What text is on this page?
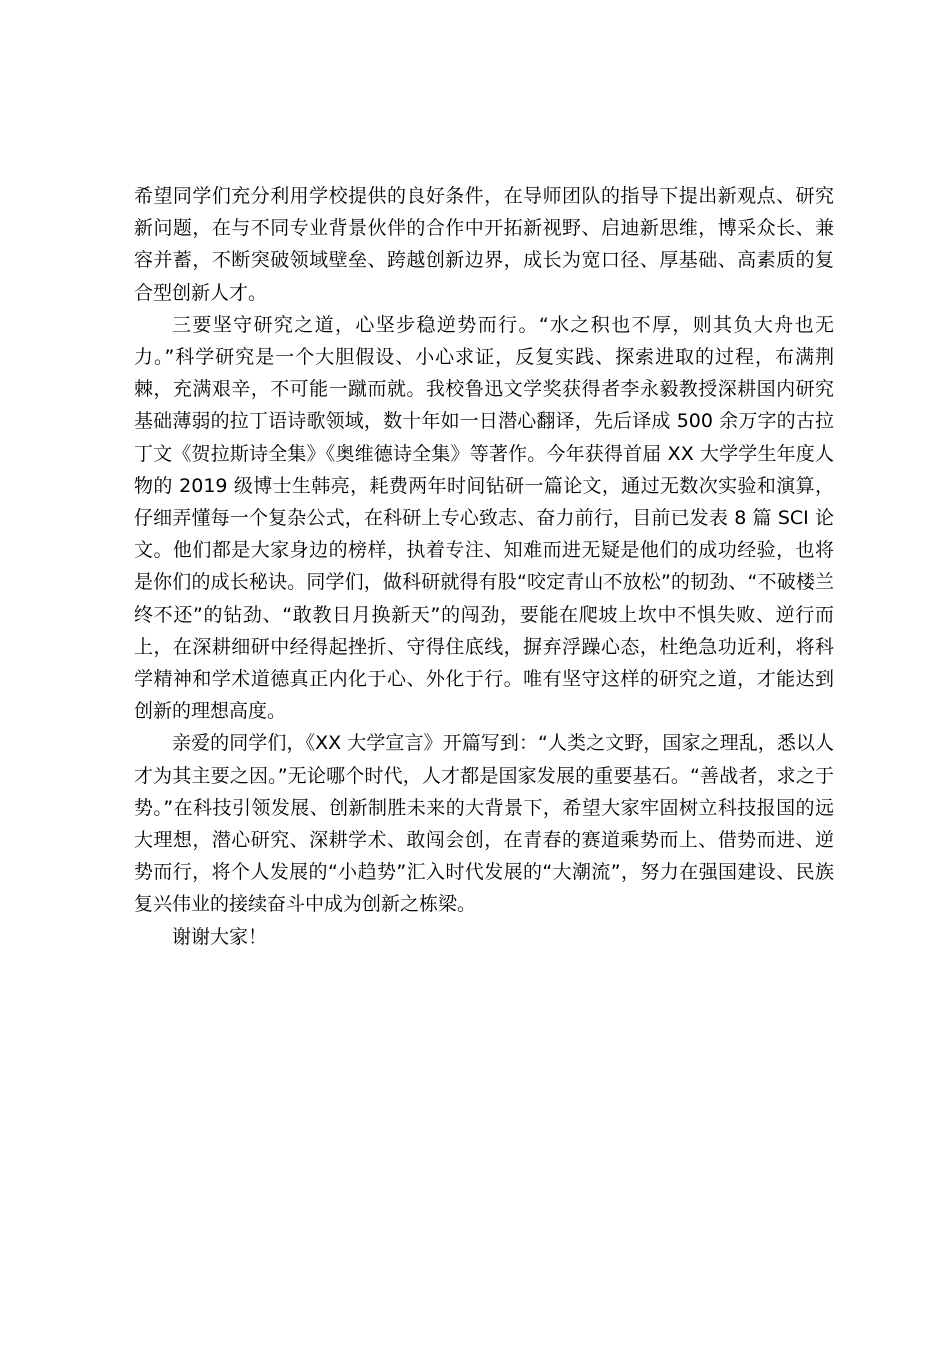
希望同学们充分利用学校提供的良好条件，在导师团队的指导下提出新观点、研究新问题，在与不同专业背景伙伴的合作中开拓新视野、启迪新思维，博采众长、兼容并蓄，不断突破领域壁垒、跨越创新边界，成长为宽口径、厚基础、高素质的复合型创新人才。

三要坚守研究之道，心坚步稳逆势而行。“水之积也不厚，则其负大舟也无力。”科学研究是一个大胆假设、小心求证，反复实践、探索进取的过程，布满荆棘，充满艰辛，不可能一蹴而就。我校鲁迅文学奖获得者李永毅教授深耕国内研究基础薄弱的拉丁语诗歌领域，数十年如一日潜心翻译，先后译成 500 余万字的古拉丁文《贺拉斯诗全集》《奥维德诗全集》等著作。今年获得首届 XX 大学学生年度人物的 2019 级博士生韩亮，耗费两年时间钻研一篇论文，通过无数次实验和演算，仔细弄懂每一个复杂公式，在科研上专心致志、奋力前行，目前已发表 8 篇 SCI 论文。他们都是大家身边的榜样，执着专注、知难而进无疑是他们的成功经验，也将是你们的成长秘诀。同学们，做科研就得有股“咬定青山不放松”的韧劲、“不破楼兰终不还”的钻劲、“敢教日月换新天”的闯劲，要能在爬坡上坎中不惧失败、逆行而上，在深耕细研中经得起挫折、守得住底线，摒弃浮躁心态，杜绝急功近利，将科学精神和学术道德真正内化于心、外化于行。唯有坚守这样的研究之道，才能达到创新的理想高度。

亲爱的同学们，《XX 大学宣言》开篇写到：“人类之文野，国家之理乱，悉以人才为其主要之因。”无论哪个时代，人才都是国家发展的重要基石。“善战者，求之于势。”在科技引领发展、创新制胜未来的大背景下，希望大家牢固树立科技报国的远大理想，潜心研究、深耕学术、敢闯会创，在青春的赛道乘势而上、借势而进、逆势而行，将个人发展的“小趋势”汇入时代发展的“大潮流”，努力在强国建设、民族复兴伟业的接续奋斗中成为创新之栋梁。

谢谢大家！
